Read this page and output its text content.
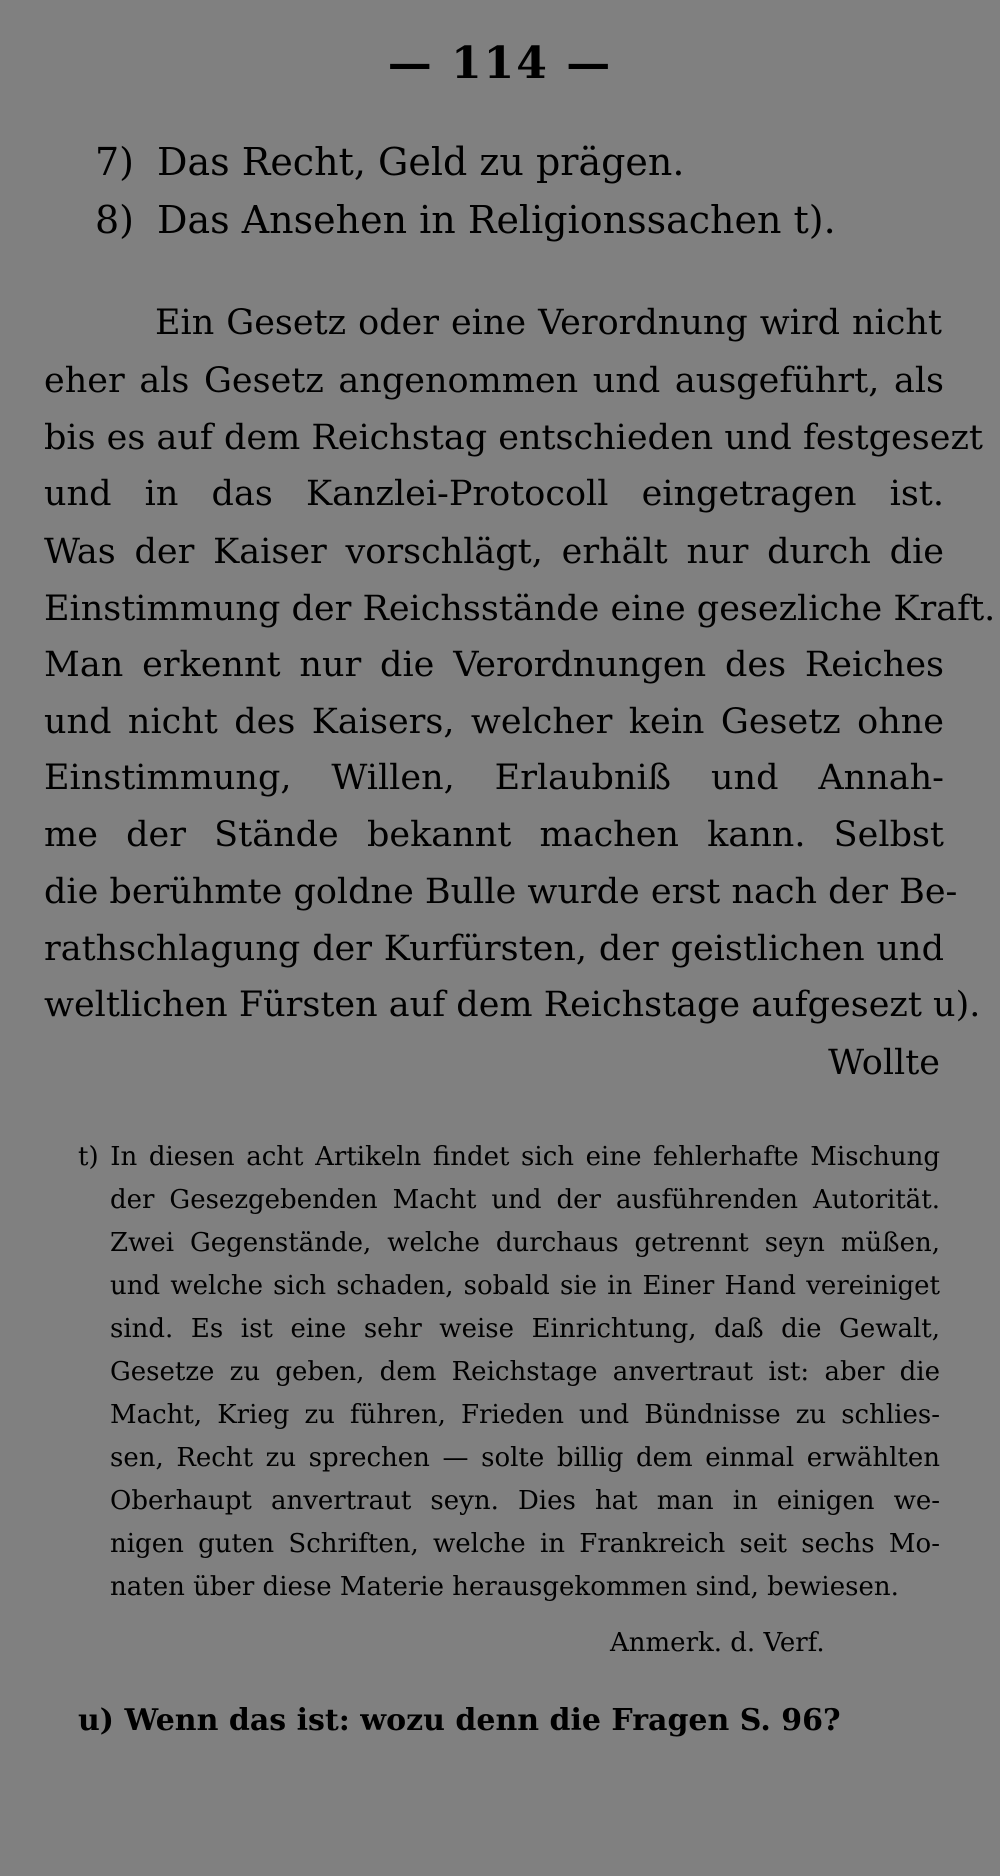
— 114 —
7) Das Recht, Geld zu prägen.
8) Das Ansehen in Religionssachen t).
Ein Gesetz oder eine Verordnung wird nicht
eher als Gesetz angenommen und ausgeführt, als
bis es auf dem Reichstag entschieden und festgesezt
und in das Kanzlei-Protocoll eingetragen ist.
Was der Kaiser vorschlägt, erhält nur durch die
Einstimmung der Reichsstände eine gesezliche Kraft.
Man erkennt nur die Verordnungen des Reiches
und nicht des Kaisers, welcher kein Gesetz ohne
Einstimmung, Willen, Erlaubniß und Annah-
me der Stände bekannt machen kann. Selbst
die berühmte goldne Bulle wurde erst nach der Be-
rathschlagung der Kurfürsten, der geistlichen und
weltlichen Fürsten auf dem Reichstage aufgesezt u).
Wollte
t) In diesen acht Artikeln findet sich eine fehlerhafte Mischung
der Gesezgebenden Macht und der ausführenden Autorität.
Zwei Gegenstände, welche durchaus getrennt seyn müßen,
und welche sich schaden, sobald sie in Einer Hand vereiniget
sind. Es ist eine sehr weise Einrichtung, daß die Gewalt,
Gesetze zu geben, dem Reichstage anvertraut ist: aber die
Macht, Krieg zu führen, Frieden und Bündnisse zu schlies-
sen, Recht zu sprechen — solte billig dem einmal erwählten
Oberhaupt anvertraut seyn. Dies hat man in einigen we-
nigen guten Schriften, welche in Frankreich seit sechs Mo-
naten über diese Materie herausgekommen sind, bewiesen.
Anmerk. d. Verf.
u) Wenn das ist: wozu denn die Fragen S. 96?
